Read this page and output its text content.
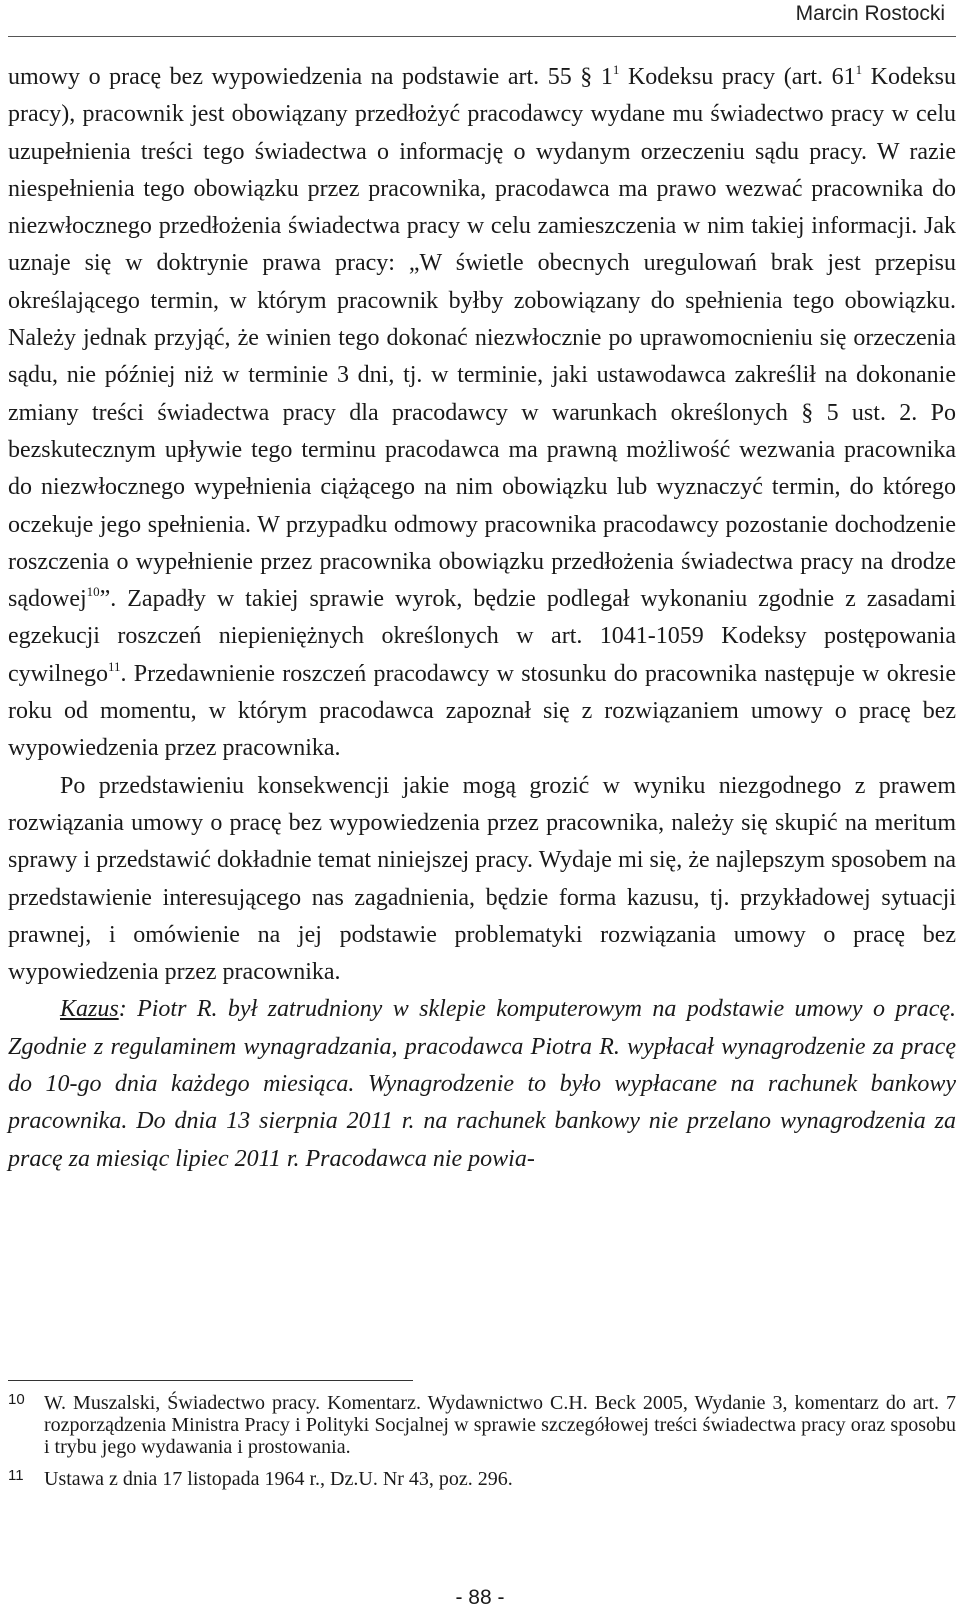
Marcin Rostocki

umowy o pracę bez wypowiedzenia na podstawie art. 55 § 1$^1$ Kodeksu pracy (art. 61$^1$ Kodeksu pracy), pracownik jest obowiązany przedłożyć pracodawcy wydane mu świadectwo pracy w celu uzupełnienia treści tego świadectwa o informację o wydanym orzeczeniu sądu pracy. W razie niespełnienia tego obowiązku przez pracownika, pracodawca ma prawo wezwać pracownika do niezwłocznego przedłożenia świadectwa pracy w celu zamieszczenia w nim takiej informacji. Jak uznaje się w doktrynie prawa pracy: „W świetle obecnych uregulowań brak jest przepisu określającego termin, w którym pracownik byłby zobowiązany do spełnienia tego obowiązku. Należy jednak przyjąć, że winien tego dokonać niezwłocznie po uprawomocnieniu się orzeczenia sądu, nie później niż w terminie 3 dni, tj. w terminie, jaki ustawodawca zakreślił na dokonanie zmiany treści świadectwa pracy dla pracodawcy w warunkach określonych § 5 ust. 2. Po bezskutecznym upływie tego terminu pracodawca ma prawną możliwość wezwania pracownika do niezwłocznego wypełnienia ciążącego na nim obowiązku lub wyznaczyć termin, do którego oczekuje jego spełnienia. W przypadku odmowy pracownika pracodawcy pozostanie dochodzenie roszczenia o wypełnienie przez pracownika obowiązku przedłożenia świadectwa pracy na drodze sądowej$^{10}$”. Zapadły w takiej sprawie wyrok, będzie podlegał wykonaniu zgodnie z zasadami egzekucji roszczeń niepieniężnych określonych w art. 1041-1059 Kodeksy postępowania cywilnego$^{11}$. Przedawnienie roszczeń pracodawcy w stosunku do pracownika następuje w okresie roku od momentu, w którym pracodawca zapoznał się z rozwiązaniem umowy o pracę bez wypowiedzenia przez pracownika.

Po przedstawieniu konsekwencji jakie mogą grozić w wyniku niezgodnego z prawem rozwiązania umowy o pracę bez wypowiedzenia przez pracownika, należy się skupić na meritum sprawy i przedstawić dokładnie temat niniejszej pracy. Wydaje mi się, że najlepszym sposobem na przedstawienie interesującego nas zagadnienia, będzie forma kazusu, tj. przykładowej sytuacji prawnej, i omówienie na jej podstawie problematyki rozwiązania umowy o pracę bez wypowiedzenia przez pracownika.

Kazus: Piotr R. był zatrudniony w sklepie komputerowym na podstawie umowy o pracę. Zgodnie z regulaminem wynagradzania, pracodawca Piotra R. wypłacał wynagrodzenie za pracę do 10-go dnia każdego miesiąca. Wynagrodzenie to było wypłacane na rachunek bankowy pracownika. Do dnia 13 sierpnia 2011 r. na rachunek bankowy nie przelano wynagrodzenia za pracę za miesiąc lipiec 2011 r. Pracodawca nie powia-

10 W. Muszalski, Świadectwo pracy. Komentarz. Wydawnictwo C.H. Beck 2005, Wydanie 3, komentarz do art. 7 rozporządzenia Ministra Pracy i Polityki Socjalnej w sprawie szczegółowej treści świadectwa pracy oraz sposobu i trybu jego wydawania i prostowania.
11 Ustawa z dnia 17 listopada 1964 r., Dz.U. Nr 43, poz. 296.
- 88 -
